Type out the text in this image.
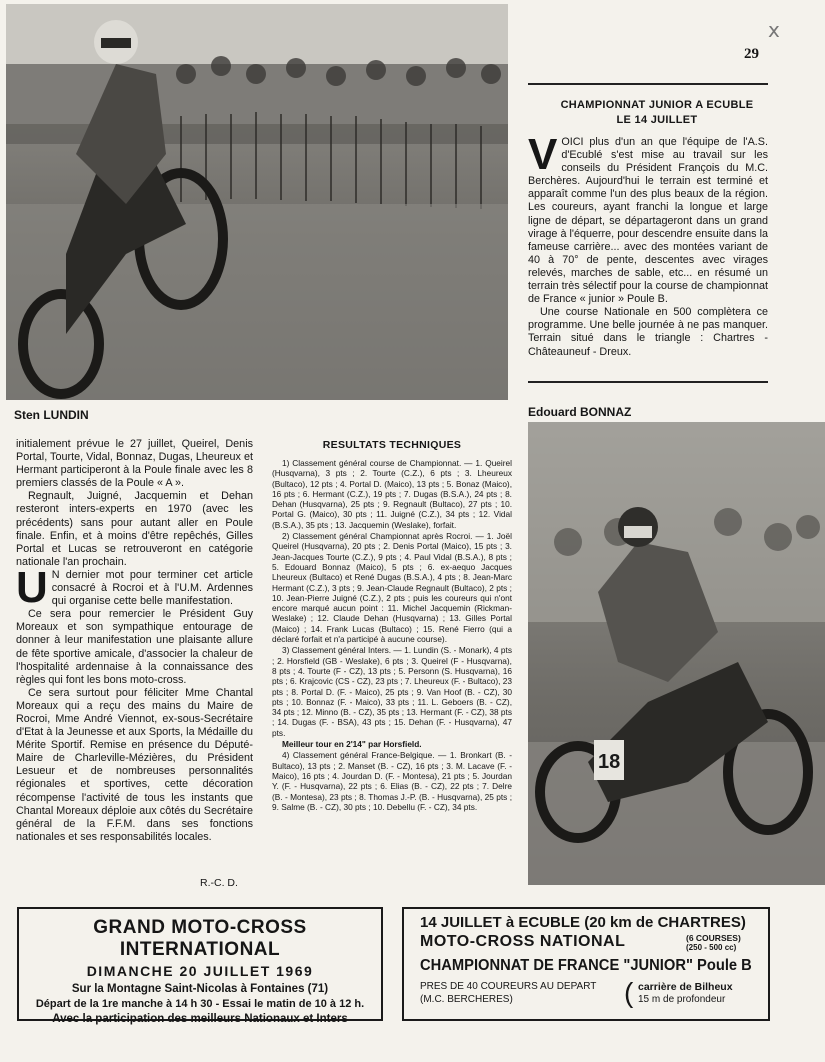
29
x
Sten LUNDIN
CHAMPIONNAT JUNIOR A ECUBLE
LE 14 JUILLET

VOICI plus d'un an que l'équipe de l'A.S. d'Ecublé s'est mise au travail sur les conseils du Président François du M.C. Berchères. Aujourd'hui le terrain est terminé et apparaît comme l'un des plus beaux de la région. Les coureurs, ayant franchi la longue et large ligne de départ, se départageront dans un grand virage à l'équerre, pour descendre ensuite dans la fameuse carrière... avec des montées variant de 40 à 70° de pente, descentes avec virages relevés, marches de sable, etc... en résumé un terrain très sélectif pour la course de championnat de France « junior » Poule B.

Une course Nationale en 500 complètera ce programme. Une belle journée à ne pas manquer. Terrain situé dans le triangle : Chartres - Châteauneuf - Dreux.

Edouard BONNAZ
18

initialement prévue le 27 juillet, Queirel, Denis Portal, Tourte, Vidal, Bonnaz, Dugas, Lheureux et Hermant participeront à la Poule finale avec les 8 premiers classés de la Poule « A ».

Regnault, Juigné, Jacquemin et Dehan resteront inters-experts en 1970 (avec les précédents) sans pour autant aller en Poule finale. Enfin, et à moins d'être repêchés, Gilles Portal et Lucas se retrouveront en catégorie nationale l'an prochain.

U N dernier mot pour terminer cet article consacré à Rocroi et à l'U.M. Ardennes qui organise cette belle manifestation.

Ce sera pour remercier le Président Guy Moreaux et son sympathique entourage de donner à leur manifestation une plaisante allure de fête sportive amicale, d'associer la chaleur de l'hospitalité ardennaise à la connaissance des règles qui font les bons moto-cross.

Ce sera surtout pour féliciter Mme Chantal Moreaux qui a reçu des mains du Maire de Rocroi, Mme André Viennot, ex-sous-Secrétaire d'Etat à la Jeunesse et aux Sports, la Médaille du Mérite Sportif. Remise en présence du Député-Maire de Charleville-Mézières, du Président Lesueur et de nombreuses personnalités régionales et sportives, cette décoration récompense l'activité de tous les instants que Chantal Moreaux déploie aux côtés du Secrétaire général de la F.F.M. dans ses fonctions nationales et ses responsabilités locales.

R.-C. D.
RESULTATS TECHNIQUES

1) Classement général course de Championnat. — 1. Queirel (Husqvarna), 3 pts ; 2. Tourte (C.Z.), 6 pts ; 3. Lheureux (Bultaco), 12 pts ; 4. Portal D. (Maico), 13 pts ; 5. Bonaz (Maico), 16 pts ; 6. Hermant (C.Z.), 19 pts ; 7. Dugas (B.S.A.), 24 pts ; 8. Dehan (Husqvarna), 25 pts ; 9. Regnault (Bultaco), 27 pts ; 10. Portal G. (Maico), 30 pts ; 11. Juigné (C.Z.), 34 pts ; 12. Vidal (B.S.A.), 35 pts ; 13. Jacquemin (Weslake), forfait.

2) Classement général Championnat après Rocroi. — 1. Joël Queirel (Husqvarna), 20 pts ; 2. Denis Portal (Maico), 15 pts ; 3. Jean-Jacques Tourte (C.Z.), 9 pts ; 4. Paul Vidal (B.S.A.), 8 pts ; 5. Edouard Bonnaz (Maico), 5 pts ; 6. ex-aequo Jacques Lheureux (Bultaco) et René Dugas (B.S.A.), 4 pts ; 8. Jean-Marc Hermant (C.Z.), 3 pts ; 9. Jean-Claude Regnault (Bultaco), 2 pts ; 10. Jean-Pierre Juigné (C.Z.), 2 pts ; puis les coureurs qui n'ont encore marqué aucun point : 11. Michel Jacquemin (Rickman-Weslake) ; 12. Claude Dehan (Husqvarna) ; 13. Gilles Portal (Maico) ; 14. Frank Lucas (Bultaco) ; 15. René Fierro (qui a déclaré forfait et n'a participé à aucune course).

3) Classement général Inters. — 1. Lundin (S. - Monark), 4 pts ; 2. Horsfield (GB - Weslake), 6 pts ; 3. Queirel (F - Husqvarna), 8 pts ; 4. Tourte (F - CZ), 13 pts ; 5. Personn (S. Husqvarna), 16 pts ; 6. Krajcovic (CS - CZ), 23 pts ; 7. Lheureux (F. - Bultaco), 23 pts ; 8. Portal D. (F. - Maico), 25 pts ; 9. Van Hoof (B. - CZ), 30 pts ; 10. Bonnaz (F. - Maico), 33 pts ; 11. L. Geboers (B. - CZ), 34 pts ; 12. Minno (B. - CZ), 35 pts ; 13. Hermant (F. - CZ), 38 pts ; 14. Dugas (F. - BSA), 43 pts ; 15. Dehan (F. - Husqvarna), 47 pts.

Meilleur tour en 2'14" par Horsfield.

4) Classement général France-Belgique. — 1. Bronkart (B. - Bultaco), 13 pts ; 2. Manset (B. - CZ), 16 pts ; 3. M. Lacave (F. - Maico), 16 pts ; 4. Jourdan D. (F. - Montesa), 21 pts ; 5. Jourdan Y. (F. - Husqvarna), 22 pts ; 6. Elias (B. - CZ), 22 pts ; 7. Delre (B. - Montesa), 23 pts ; 8. Thomas J.-P. (B. - Husqvarna), 25 pts ; 9. Salme (B. - CZ), 30 pts ; 10. Debellu (F. - CZ), 34 pts.

GRAND MOTO-CROSS INTERNATIONAL
DIMANCHE 20 JUILLET 1969
Sur la Montagne Saint-Nicolas à Fontaines (71)
Départ de la 1re manche à 14 h 30 - Essai le matin de 10 à 12 h.
Avec la participation des meilleurs Nationaux et Inters
14 JUILLET à ECUBLE (20 km de CHARTRES)
MOTO-CROSS NATIONAL	(6 COURSES)
(250 - 500 cc)
CHAMPIONNAT DE FRANCE "JUNIOR" Poule B
PRES DE 40 COUREURS AU DEPART
(M.C. BERCHERES)	( carrière de Bilheux
15 m de profondeur
